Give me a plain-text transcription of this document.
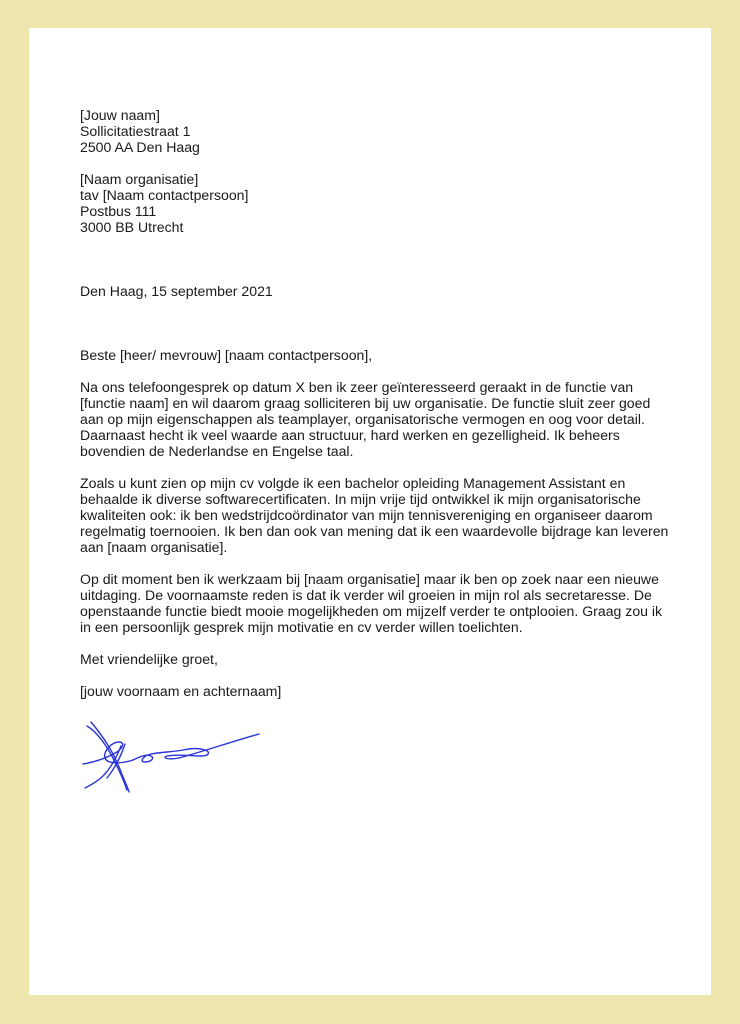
[Jouw naam]
Sollicitatiestraat 1
2500 AA Den Haag
[Naam organisatie]
tav [Naam contactpersoon]
Postbus 111
3000 BB Utrecht
Den Haag, 15 september 2021
Beste [heer/ mevrouw] [naam contactpersoon],

Na ons telefoongesprek op datum X ben ik zeer geïnteresseerd geraakt in de functie van
[functie naam] en wil daarom graag solliciteren bij uw organisatie. De functie sluit zeer goed
aan op mijn eigenschappen als teamplayer, organisatorische vermogen en oog voor detail.
Daarnaast hecht ik veel waarde aan structuur, hard werken en gezelligheid. Ik beheers
bovendien de Nederlandse en Engelse taal.

Zoals u kunt zien op mijn cv volgde ik een bachelor opleiding Management Assistant en
behaalde ik diverse softwarecertificaten. In mijn vrije tijd ontwikkel ik mijn organisatorische
kwaliteiten ook: ik ben wedstrijdcoördinator van mijn tennisvereniging en organiseer daarom
regelmatig toernooien. Ik ben dan ook van mening dat ik een waardevolle bijdrage kan leveren
aan [naam organisatie].

Op dit moment ben ik werkzaam bij [naam organisatie] maar ik ben op zoek naar een nieuwe
uitdaging. De voornaamste reden is dat ik verder wil groeien in mijn rol als secretaresse. De
openstaande functie biedt mooie mogelijkheden om mijzelf verder te ontplooien. Graag zou ik
in een persoonlijk gesprek mijn motivatie en cv verder willen toelichten.

Met vriendelijke groet,
[jouw voornaam en achternaam]
